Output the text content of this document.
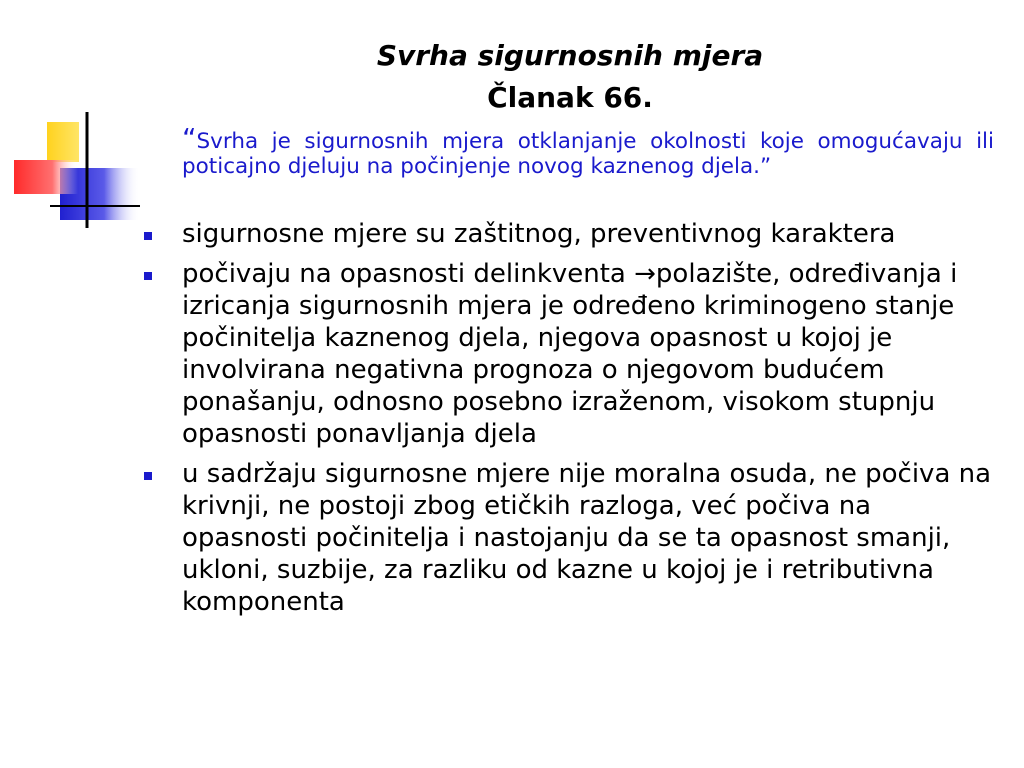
Svrha sigurnosnih mjera
Članak 66.

“Svrha je sigurnosnih mjera otklanjanje okolnosti koje omogućavaju ili poticajno djeluju na počinjenje novog kaznenog djela.”

sigurnosne mjere su zaštitnog, preventivnog karaktera
počivaju na opasnosti delinkventa →polazište, određivanja i izricanja sigurnosnih mjera je određeno kriminogeno stanje počinitelja kaznenog djela, njegova opasnost u kojoj je involvirana negativna prognoza o njegovom budućem ponašanju, odnosno posebno izraženom, visokom stupnju opasnosti ponavljanja djela
u sadržaju sigurnosne mjere nije moralna osuda, ne počiva na krivnji, ne postoji zbog etičkih razloga, već počiva na opasnosti počinitelja i nastojanju da se ta opasnost smanji, ukloni, suzbije, za razliku od kazne u kojoj je i retributivna komponenta
